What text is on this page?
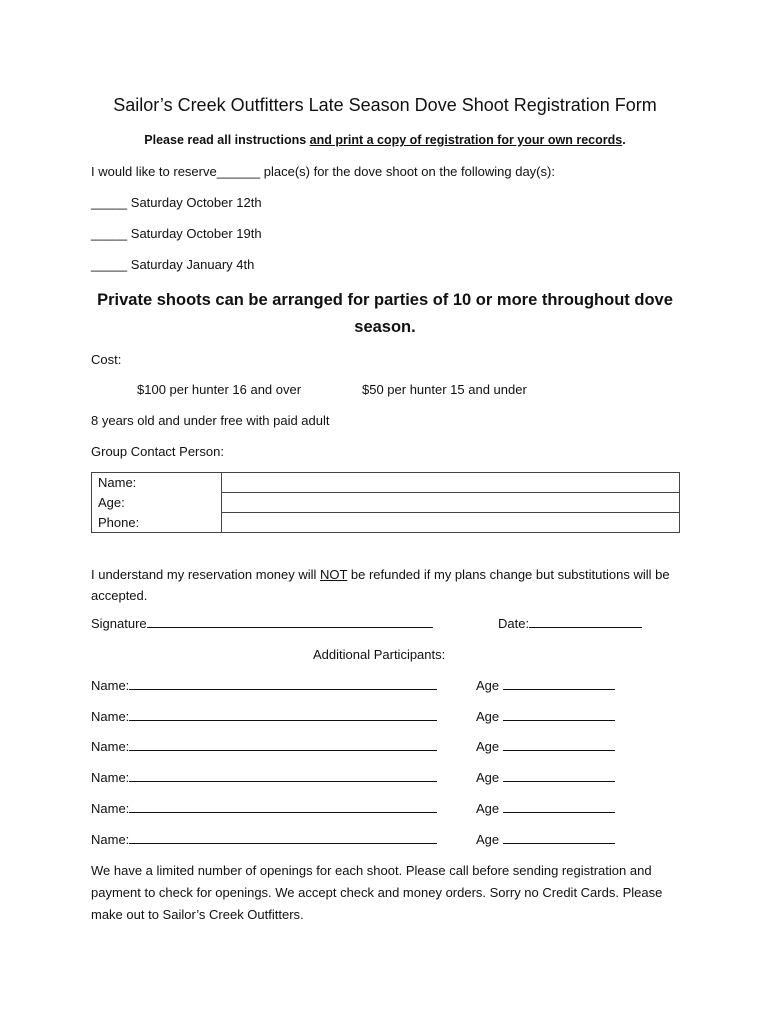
Sailor’s Creek Outfitters Late Season Dove Shoot Registration Form
Please read all instructions and print a copy of registration for your own records.
I would like to reserve______ place(s) for the dove shoot on the following day(s):
_____ Saturday October 12th
_____ Saturday October 19th
_____ Saturday January 4th
Private shoots can be arranged for parties of 10 or more throughout dove season.
Cost:
$100 per hunter 16 and over	$50 per hunter 15 and under
8 years old and under free with paid adult
Group Contact Person:
Name:	
Age:	
Phone:	
I understand my reservation money will NOT be refunded if my plans change but substitutions will be accepted.
Signature	Date:
Additional Participants:
Name:	Age
Name:	Age
Name:	Age
Name:	Age
Name:	Age
Name:	Age
We have a limited number of openings for each shoot. Please call before sending registration and payment to check for openings. We accept check and money orders. Sorry no Credit Cards. Please make out to Sailor’s Creek Outfitters.
